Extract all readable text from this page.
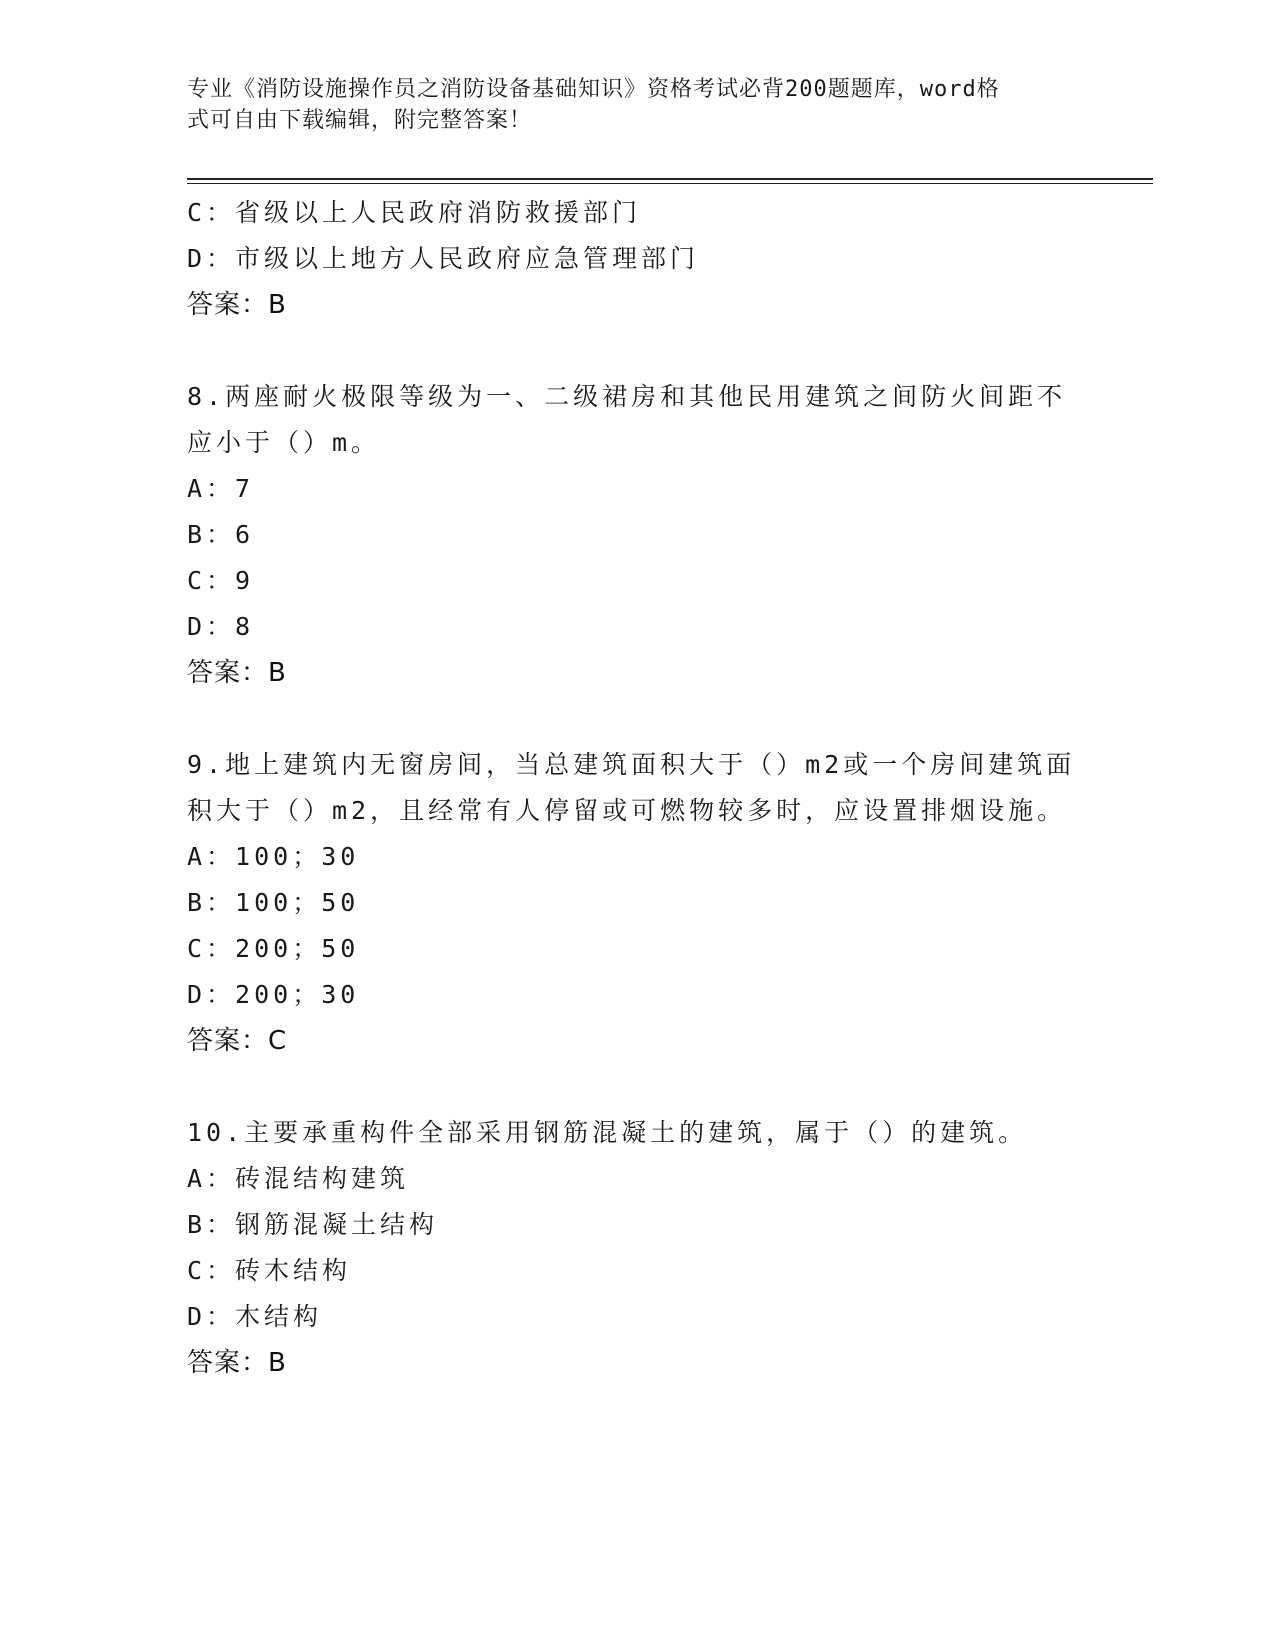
专业《消防设施操作员之消防设备基础知识》资格考试必背200题题库，word格
式可自由下载编辑，附完整答案！
C：省级以上人民政府消防救援部门
D：市级以上地方人民政府应急管理部门
答案：B
8.两座耐火极限等级为一、二级裙房和其他民用建筑之间防火间距不
应小于（）m。
A：7
B：6
C：9
D：8
答案：B
9.地上建筑内无窗房间，当总建筑面积大于（）m2或一个房间建筑面
积大于（）m2，且经常有人停留或可燃物较多时，应设置排烟设施。
A：100；30
B：100；50
C：200；50
D：200；30
答案：C
10.主要承重构件全部采用钢筋混凝土的建筑，属于（）的建筑。
A：砖混结构建筑
B：钢筋混凝土结构
C：砖木结构
D：木结构
答案：B
